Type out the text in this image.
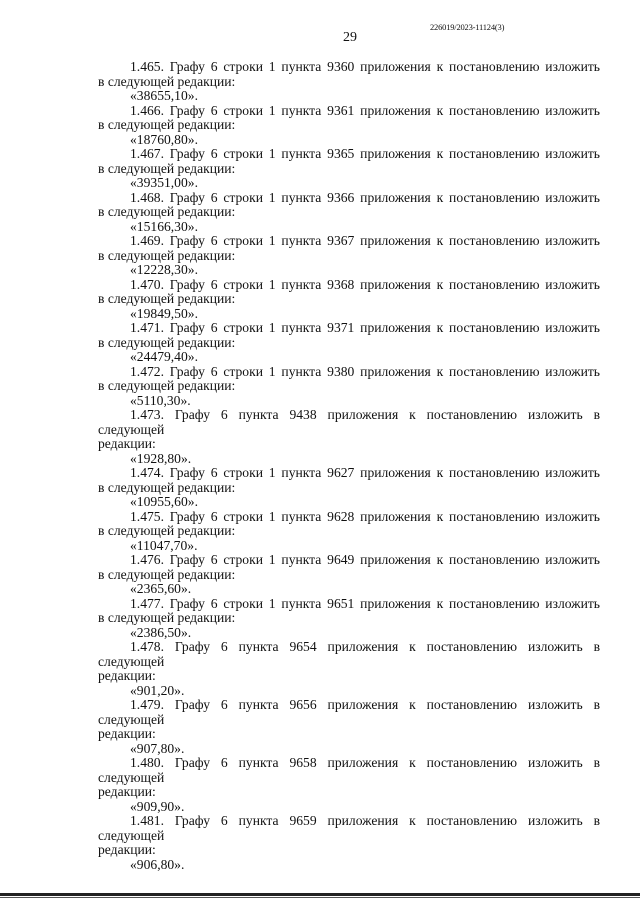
226019/2023-11124(3)
29
1.465. Графу 6 строки 1 пункта 9360 приложения к постановлению изложить
в следующей редакции:
«38655,10».
1.466. Графу 6 строки 1 пункта 9361 приложения к постановлению изложить
в следующей редакции:
«18760,80».
1.467. Графу 6 строки 1 пункта 9365 приложения к постановлению изложить
в следующей редакции:
«39351,00».
1.468. Графу 6 строки 1 пункта 9366 приложения к постановлению изложить
в следующей редакции:
«15166,30».
1.469. Графу 6 строки 1 пункта 9367 приложения к постановлению изложить
в следующей редакции:
«12228,30».
1.470. Графу 6 строки 1 пункта 9368 приложения к постановлению изложить
в следующей редакции:
«19849,50».
1.471. Графу 6 строки 1 пункта 9371 приложения к постановлению изложить
в следующей редакции:
«24479,40».
1.472. Графу 6 строки 1 пункта 9380 приложения к постановлению изложить
в следующей редакции:
«5110,30».
1.473. Графу 6 пункта 9438 приложения к постановлению изложить в следующей
редакции:
«1928,80».
1.474. Графу 6 строки 1 пункта 9627 приложения к постановлению изложить
в следующей редакции:
«10955,60».
1.475. Графу 6 строки 1 пункта 9628 приложения к постановлению изложить
в следующей редакции:
«11047,70».
1.476. Графу 6 строки 1 пункта 9649 приложения к постановлению изложить
в следующей редакции:
«2365,60».
1.477. Графу 6 строки 1 пункта 9651 приложения к постановлению изложить
в следующей редакции:
«2386,50».
1.478. Графу 6 пункта 9654 приложения к постановлению изложить в следующей
редакции:
«901,20».
1.479. Графу 6 пункта 9656 приложения к постановлению изложить в следующей
редакции:
«907,80».
1.480. Графу 6 пункта 9658 приложения к постановлению изложить в следующей
редакции:
«909,90».
1.481. Графу 6 пункта 9659 приложения к постановлению изложить в следующей
редакции:
«906,80».
